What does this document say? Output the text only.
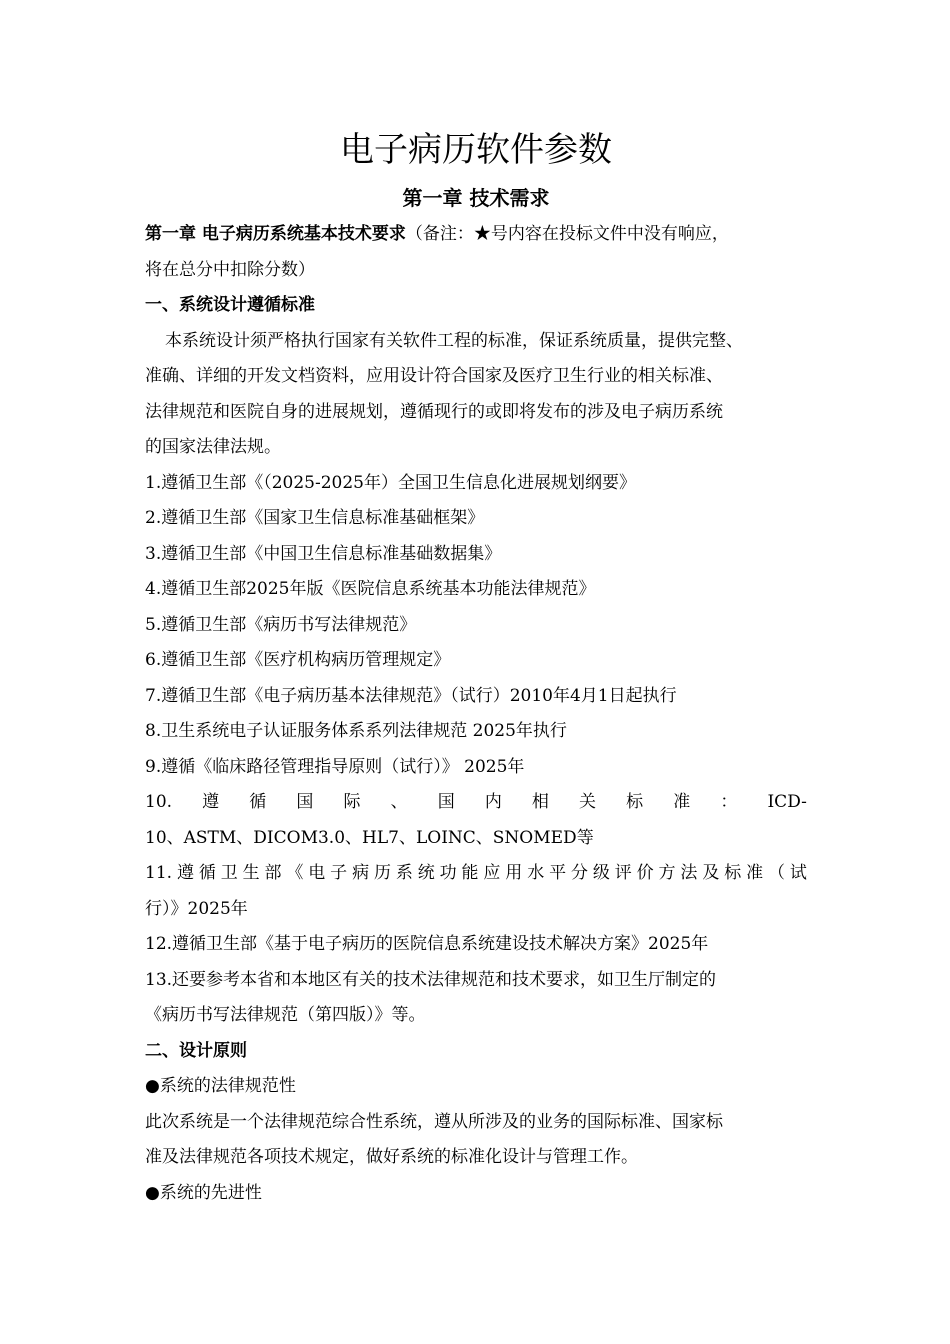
电子病历软件参数
第一章 技术需求

第一章 电子病历系统基本技术要求（备注：★号内容在投标文件中没有响应，

将在总分中扣除分数）

一、系统设计遵循标准

本系统设计须严格执行国家有关软件工程的标准，保证系统质量，提供完整、

准确、详细的开发文档资料，应用设计符合国家及医疗卫生行业的相关标准、

法律规范和医院自身的进展规划，遵循现行的或即将发布的涉及电子病历系统

的国家法律法规。

1.遵循卫生部《（2025-2025年）全国卫生信息化进展规划纲要》

2.遵循卫生部《国家卫生信息标准基础框架》

3.遵循卫生部《中国卫生信息标准基础数据集》

4.遵循卫生部2025年版《医院信息系统基本功能法律规范》

5.遵循卫生部《病历书写法律规范》

6.遵循卫生部《医疗机构病历管理规定》

7.遵循卫生部《电子病历基本法律规范》（试行）2010年4月1日起执行

8.卫生系统电子认证服务体系系列法律规范 2025年执行

9.遵循《临床路径管理指导原则（试行）》 2025年

10. 遵 循 国 际 、 国 内 相 关 标 准 ： ICD-

10、ASTM、DICOM3.0、HL7、LOINC、SNOMED等

11. 遵 循 卫 生 部 《 电 子 病 历 系 统 功 能 应 用 水 平 分 级 评 价 方 法 及 标 准 （ 试

行）》2025年

12.遵循卫生部《基于电子病历的医院信息系统建设技术解决方案》2025年

13.还要参考本省和本地区有关的技术法律规范和技术要求，如卫生厅制定的

《病历书写法律规范（第四版）》等。

二、设计原则

●系统的法律规范性

此次系统是一个法律规范综合性系统，遵从所涉及的业务的国际标准、国家标

准及法律规范各项技术规定，做好系统的标准化设计与管理工作。

●系统的先进性
